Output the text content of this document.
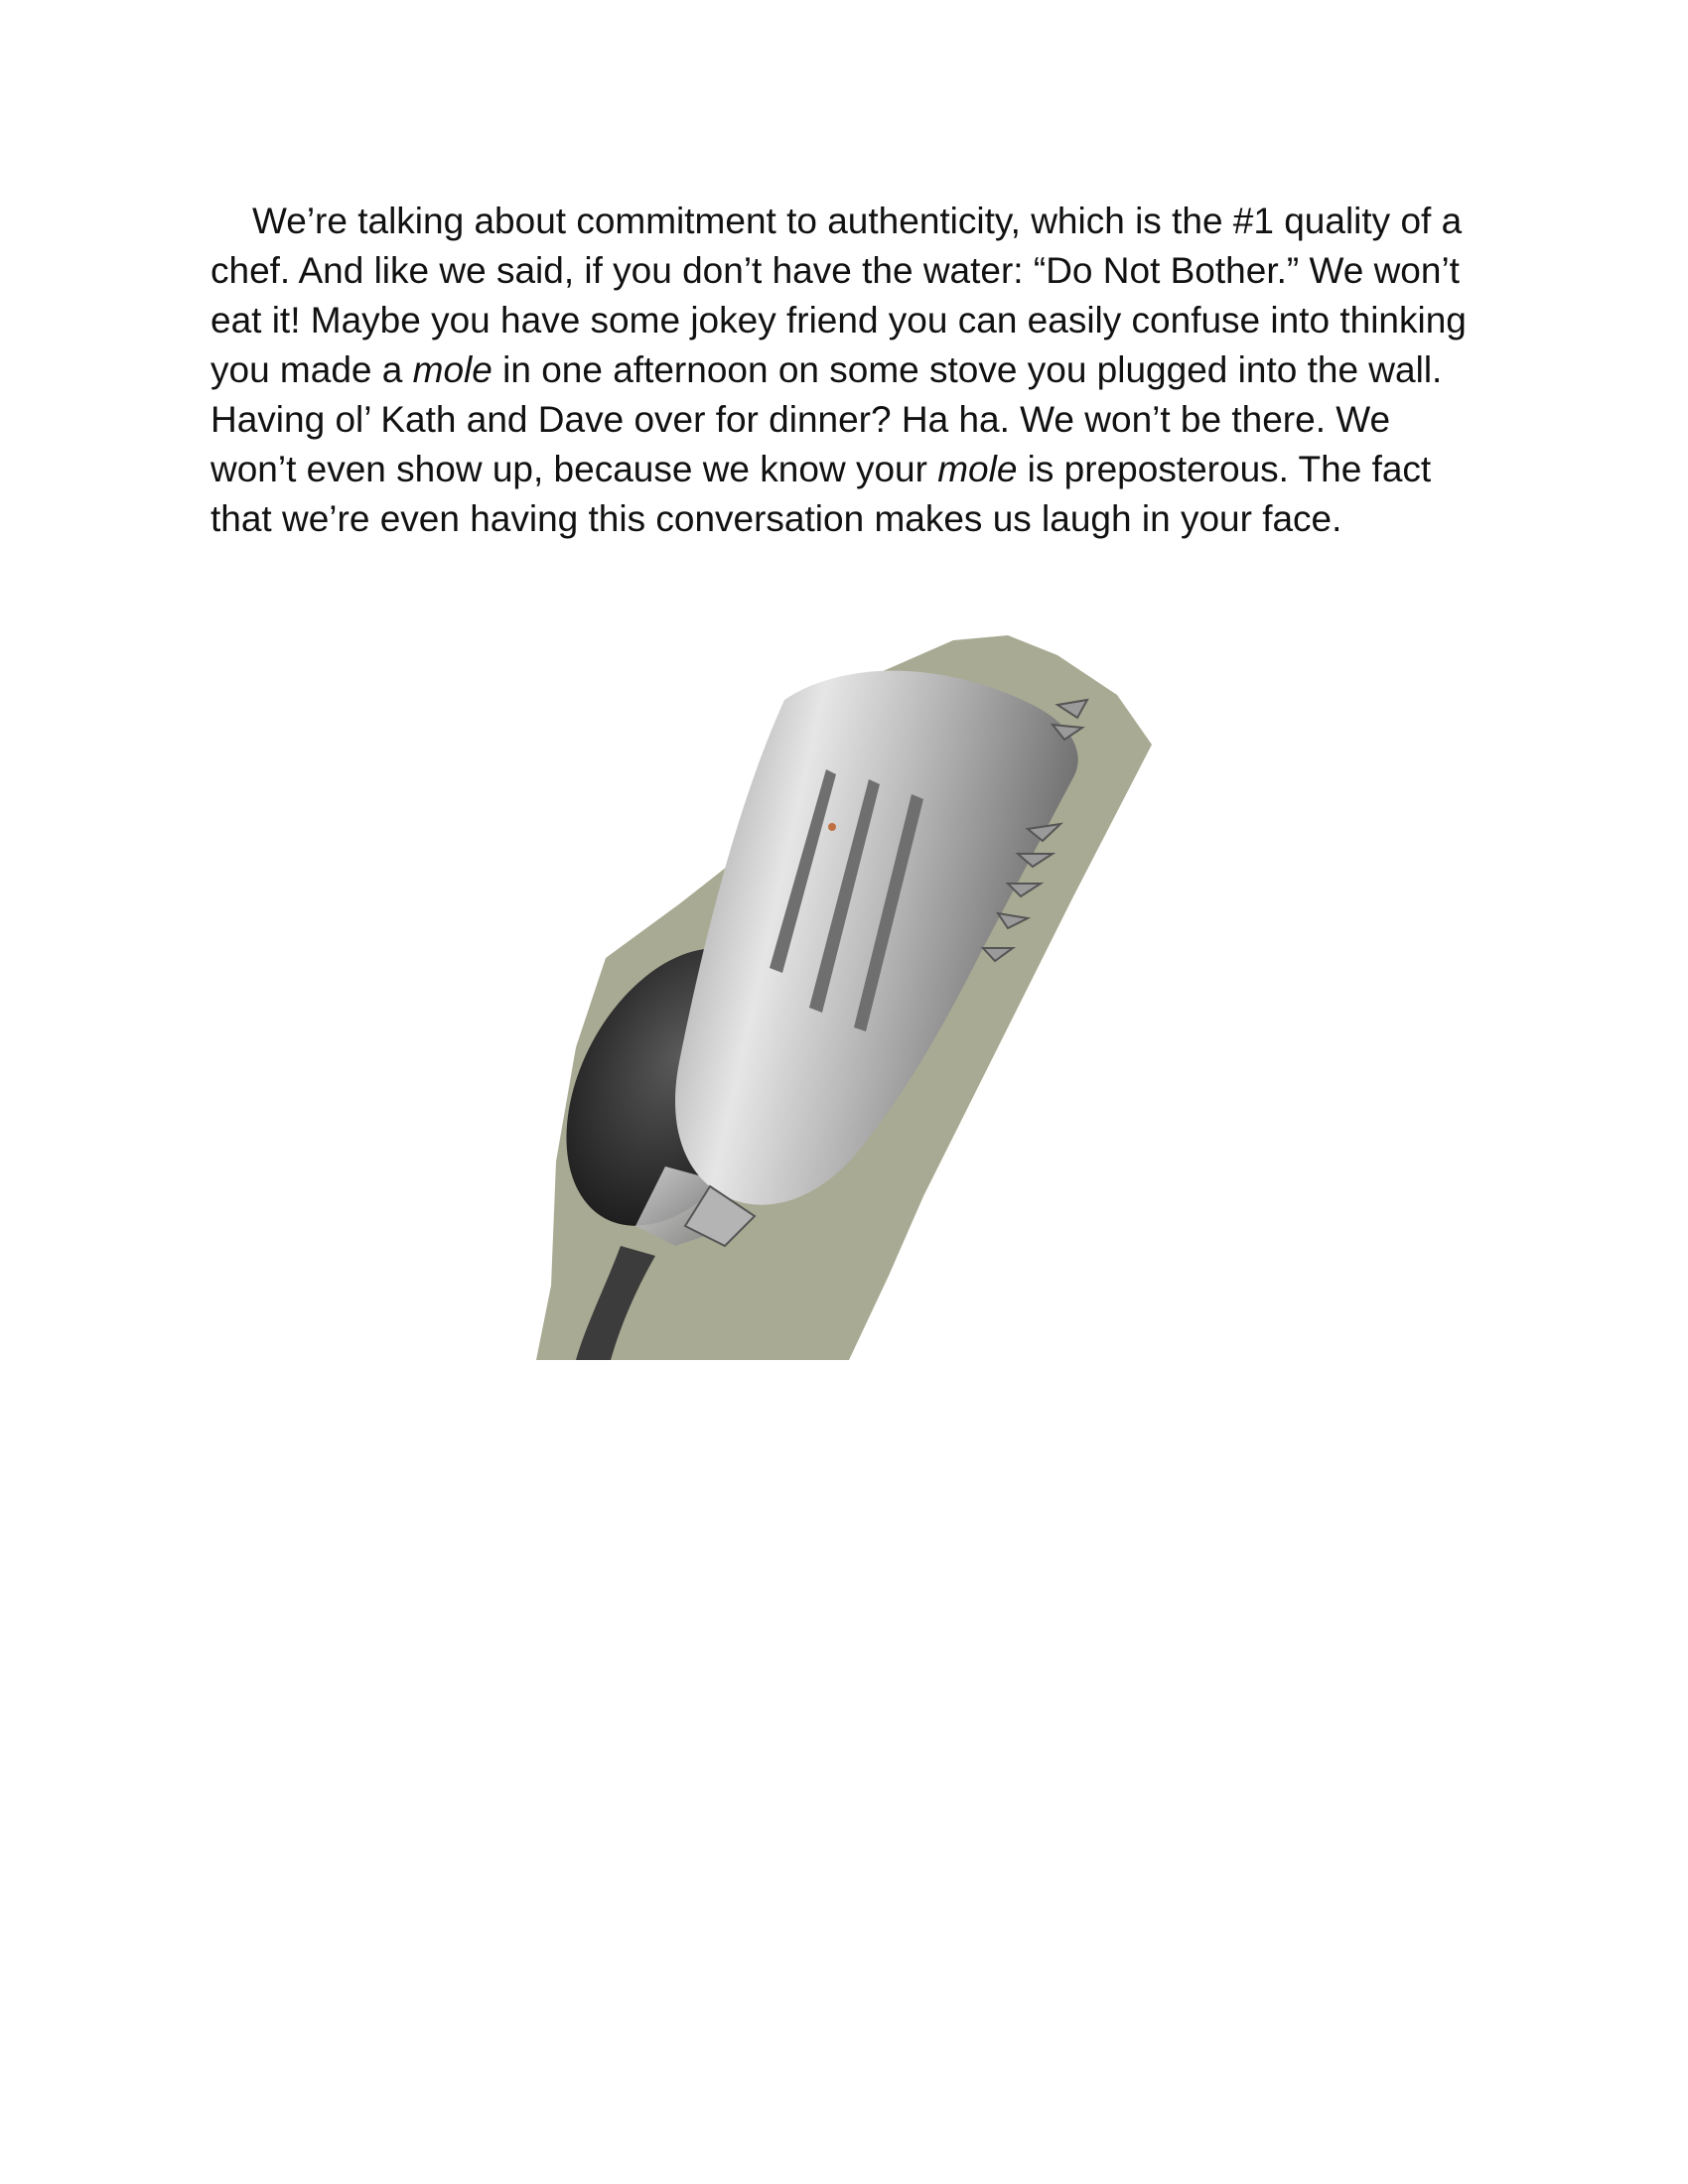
We’re talking about commitment to authenticity, which is the #1 quality of a chef. And like we said, if you don’t have the water: “Do Not Bother.” We won’t eat it! Maybe you have some jokey friend you can easily confuse into thinking you made a mole in one afternoon on some stove you plugged into the wall. Having ol’ Kath and Dave over for dinner? Ha ha. We won’t be there. We won’t even show up, because we know your mole is preposterous. The fact that we’re even having this conversation makes us laugh in your face.
